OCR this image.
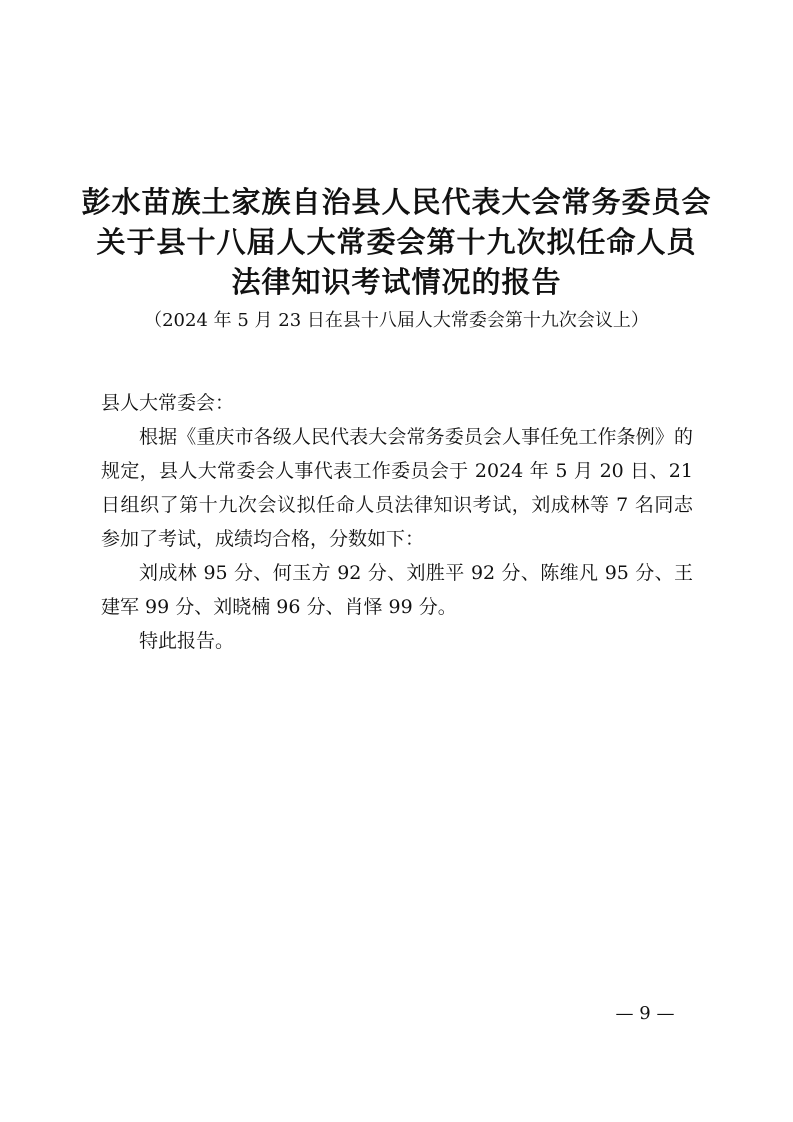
彭水苗族土家族自治县人民代表大会常务委员会
关于县十八届人大常委会第十九次拟任命人员
法律知识考试情况的报告
（2024 年 5 月 23 日在县十八届人大常委会第十九次会议上）
县人大常委会：
根据《重庆市各级人民代表大会常务委员会人事任免工作条例》的规定，县人大常委会人事代表工作委员会于 2024 年 5 月 20 日、21 日组织了第十九次会议拟任命人员法律知识考试，刘成林等 7 名同志参加了考试，成绩均合格，分数如下：
刘成林 95 分、何玉方 92 分、刘胜平 92 分、陈维凡 95 分、王建军 99 分、刘晓楠 96 分、肖怿 99 分。
特此报告。
— 9 —
